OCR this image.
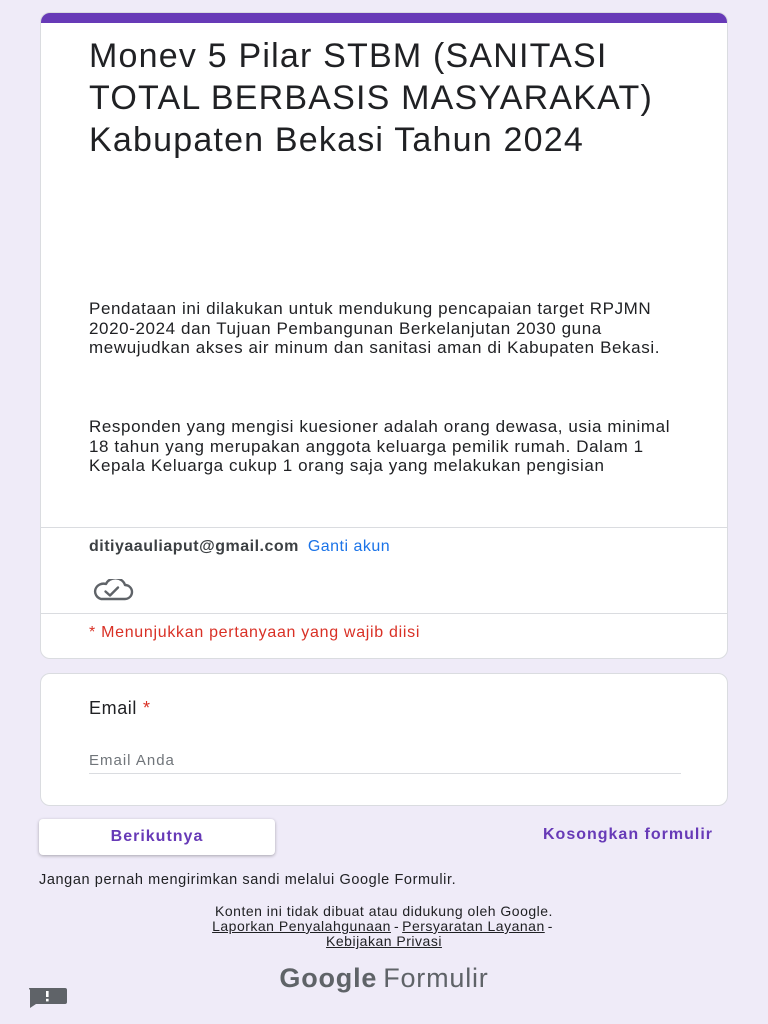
Monev 5 Pilar STBM (SANITASI TOTAL BERBASIS MASYARAKAT) Kabupaten Bekasi Tahun 2024
Pendataan ini dilakukan untuk mendukung pencapaian target RPJMN 2020-2024 dan Tujuan Pembangunan Berkelanjutan 2030 guna mewujudkan akses air minum dan sanitasi aman di Kabupaten Bekasi.
Responden yang mengisi kuesioner adalah orang dewasa, usia minimal 18 tahun yang merupakan anggota keluarga pemilik rumah. Dalam 1 Kepala Keluarga cukup 1 orang saja yang melakukan pengisian
ditiyaauliaput@gmail.com Ganti akun
* Menunjukkan pertanyaan yang wajib diisi
Email *
Email Anda
Berikutnya	Kosongkan formulir
Jangan pernah mengirimkan sandi melalui Google Formulir.
Konten ini tidak dibuat atau didukung oleh Google.
Laporkan Penyalahgunaan - Persyaratan Layanan -
Kebijakan Privasi
Google Formulir
